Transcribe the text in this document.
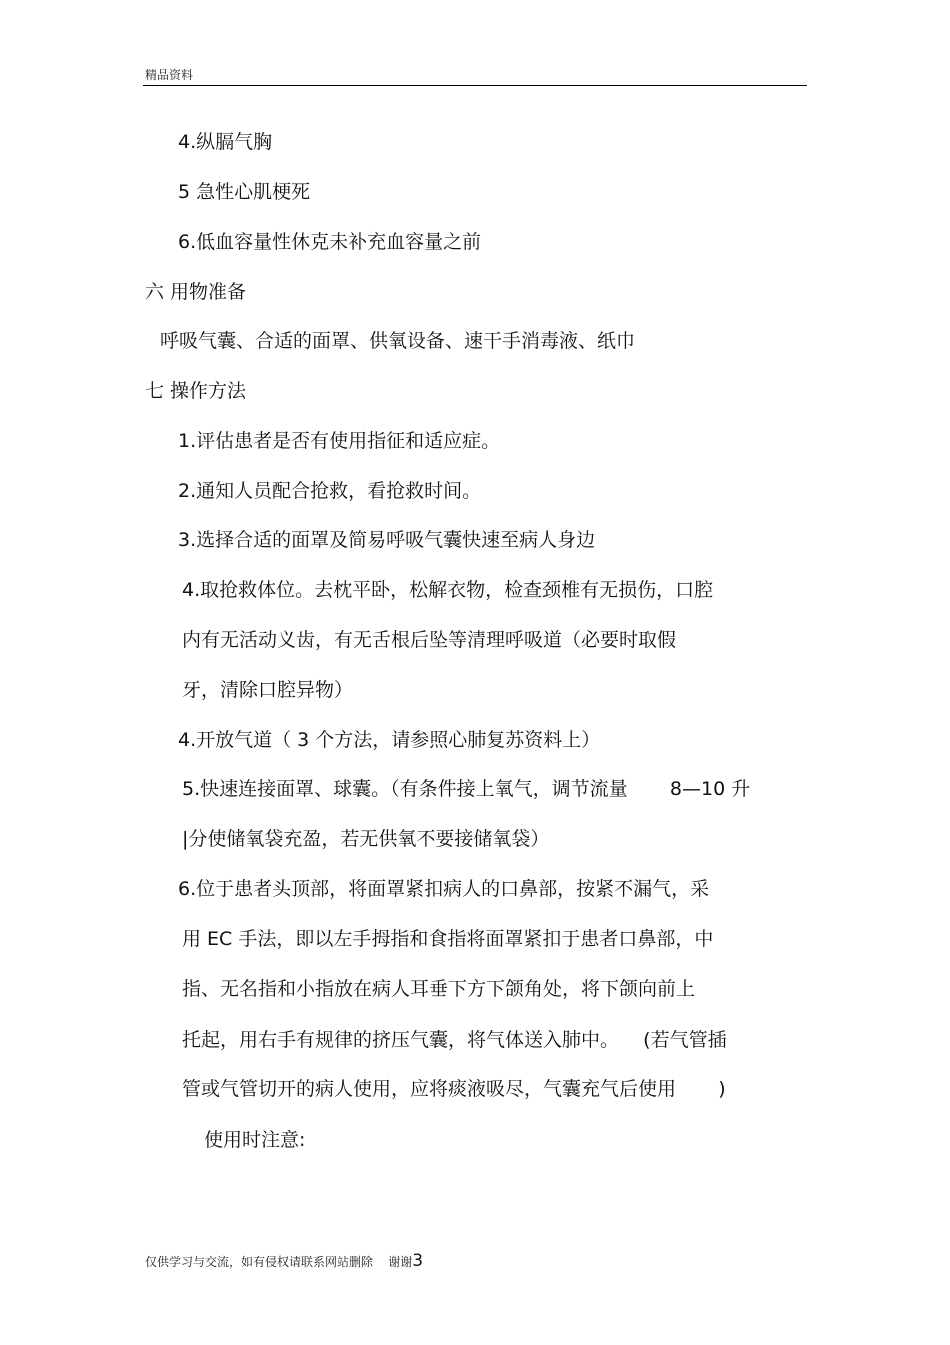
精品资料
4.纵膈气胸
5 急性心肌梗死
6.低血容量性休克未补充血容量之前
六 用物准备
呼吸气囊、合适的面罩、供氧设备、速干手消毒液、纸巾
七 操作方法
1.评估患者是否有使用指征和适应症。
2.通知人员配合抢救，看抢救时间。
3.选择合适的面罩及简易呼吸气囊快速至病人身边
4.取抢救体位。去枕平卧，松解衣物，检查颈椎有无损伤，口腔
内有无活动义齿，有无舌根后坠等清理呼吸道（必要时取假
牙，清除口腔异物）
4.开放气道（ 3 个方法，请参照心肺复苏资料上）
5.快速连接面罩、球囊。（有条件接上氧气，调节流量       8—10 升
|分使储氧袋充盈，若无供氧不要接储氧袋）
6.位于患者头顶部，将面罩紧扣病人的口鼻部，按紧不漏气，采
用 EC 手法，即以左手拇指和食指将面罩紧扣于患者口鼻部，中
指、无名指和小指放在病人耳垂下方下颌角处，将下颌向前上
托起，用右手有规律的挤压气囊，将气体送入肺中。    (若气管插
管或气管切开的病人使用，应将痰液吸尽，气囊充气后使用       )
使用时注意:
仅供学习与交流，如有侵权请联系网站删除    谢谢3
